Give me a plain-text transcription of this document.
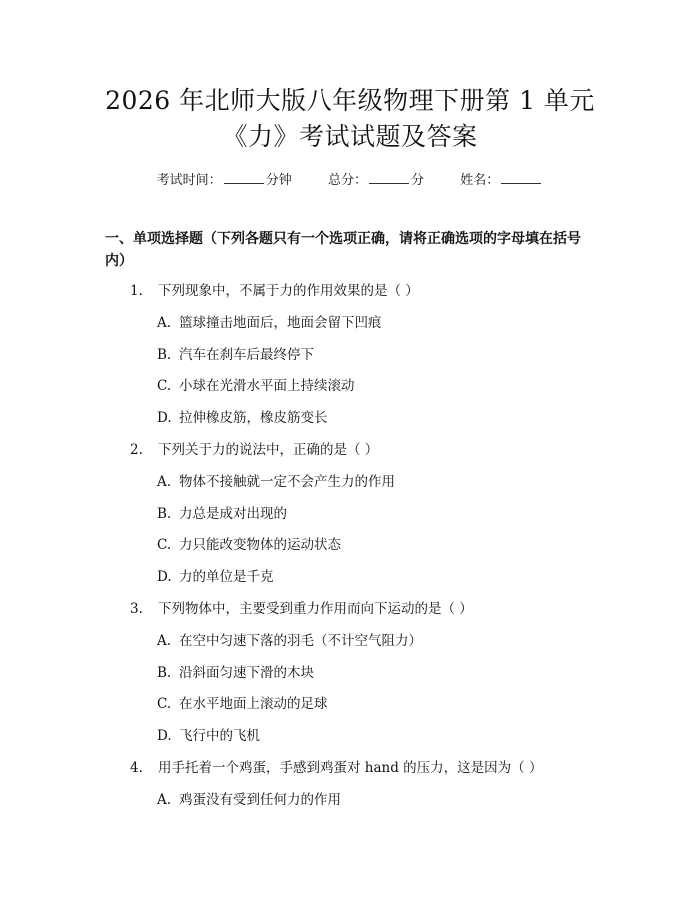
2026 年北师大版八年级物理下册第 1 单元
《力》考试试题及答案
考试时间：	分钟	总分：	分	姓名：
一、单项选择题（下列各题只有一个选项正确，请将正确选项的字母填在括号内）
1. 下列现象中，不属于力的作用效果的是（ ）
A. 篮球撞击地面后，地面会留下凹痕
B. 汽车在刹车后最终停下
C. 小球在光滑水平面上持续滚动
D. 拉伸橡皮筋，橡皮筋变长
2. 下列关于力的说法中，正确的是（ ）
A. 物体不接触就一定不会产生力的作用
B. 力总是成对出现的
C. 力只能改变物体的运动状态
D. 力的单位是千克
3. 下列物体中，主要受到重力作用而向下运动的是（ ）
A. 在空中匀速下落的羽毛（不计空气阻力）
B. 沿斜面匀速下滑的木块
C. 在水平地面上滚动的足球
D. 飞行中的飞机
4. 用手托着一个鸡蛋，手感到鸡蛋对 hand 的压力，这是因为（ ）
A. 鸡蛋没有受到任何力的作用
